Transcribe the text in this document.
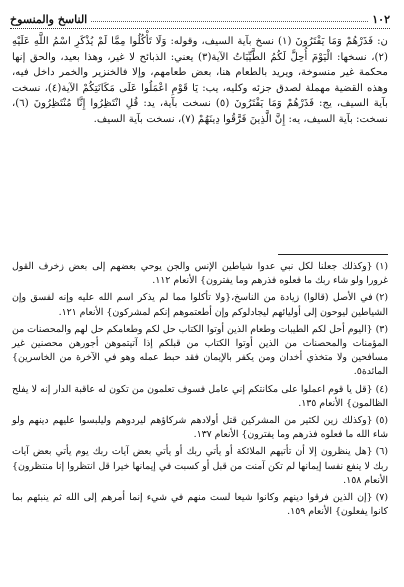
١٠٢
الناسخ والمنسوخ

ن: فَذَرْهُمْ وَمَا يَفْتَرُونَ (١) نسخ بآية السيف، وقوله: وَلَا تَأْكُلُوا مِمَّا لَمْ يُذْكَرِ اسْمُ اللَّهِ عَلَيْهِ (٢)، نسخها: الْيَوْمَ أُحِلَّ لَكُمُ الطَّيِّبَاتُ الآية(٣) يعني: الذبائح لا غير، وهذا بعيد، والحق إنها محكمة غير منسوخة، ويريد بالطعام هنا، بعض طعامهم، وإلا فالخنزير والخمر داخل فيه، وهذه القضية مهملة لصدق جزئه وكليه، يب: يَا قَوْمِ اعْمَلُوا عَلَى مَكَانَتِكُمْ الآية(٤)، نسخت بآية السيف، يج: فَذَرْهُمْ وَمَا يَفْتَرُونَ (٥) نسخت بآية، يد: قُلِ انْتَظِرُوا إِنَّا مُنْتَظِرُونَ (٦)، نسخت: بآية السيف، يه: إِنَّ الَّذِينَ فَرَّقُوا دِينَهُمْ (٧)، نسخت بآية السيف.

(١){وكذلك جعلنا لكل نبي عدوا شياطين الإنس والجن يوحي بعضهم إلى بعض زخرف القول غرورا ولو شاء ربك ما فعلوه فذرهم وما يفترون} الأنعام ١١٢.

(٢)في الأصل (قالوا) زيادة من الناسخ،{ولا تأكلوا مما لم يذكر اسم الله عليه وإنه لفسق وإن الشياطين ليوحون إلى أوليائهم ليجادلوكم وإن أطعتموهم إنكم لمشركون} الأنعام ١٢١.

(٣){اليوم أحل لكم الطيبات وطعام الذين أوتوا الكتاب حل لكم وطعامكم حل لهم والمحصنات من المؤمنات والمحصنات من الذين أوتوا الكتاب من قبلكم إذا آتيتموهن أجورهن محصنين غير مسافحين ولا متخذي أخدان ومن يكفر بالإيمان فقد حبط عمله وهو في الآخرة من الخاسرين} المائدة٥.

(٤){قل يا قوم اعملوا على مكانتكم إني عامل فسوف تعلمون من تكون له عاقبة الدار إنه لا يفلح الظالمون} الأنعام ١٣٥.

(٥){وكذلك زين لكثير من المشركين قتل أولادهم شركاؤهم ليردوهم وليلبسوا عليهم دينهم ولو شاء الله ما فعلوه فذرهم وما يفترون} الأنعام ١٣٧.

(٦){هل ينظرون إلا أن تأتيهم الملائكة أو يأتي ربك أو يأتي بعض آيات ربك يوم يأتي بعض آيات ربك لا ينفع نفسا إيمانها لم تكن آمنت من قبل أو كسبت في إيمانها خيرا قل انتظروا إنا منتظرون} الأنعام ١٥٨.

(٧){إن الذين فرقوا دينهم وكانوا شيعا لست منهم في شيء إنما أمرهم إلى الله ثم ينبئهم بما كانوا يفعلون} الأنعام ١٥٩.
